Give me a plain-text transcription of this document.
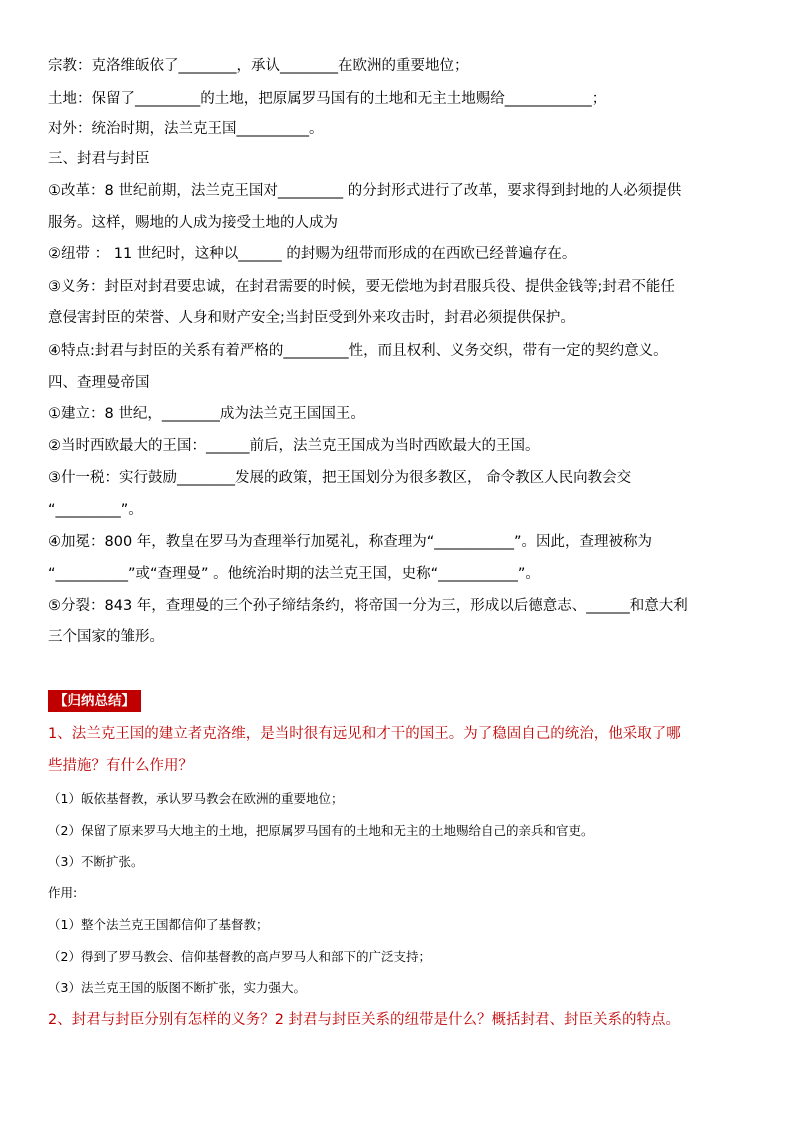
宗教：克洛维皈依了________，承认________在欧洲的重要地位；
土地：保留了_________的土地，把原属罗马国有的土地和无主土地赐给____________；
对外：统治时期，法兰克王国__________。
三、封君与封臣
①改革：8 世纪前期，法兰克王国对_________ 的分封形式进行了改革，要求得到封地的人必须提供
服务。这样，赐地的人成为接受土地的人成为
②纽带 ： 11 世纪时，这种以______ 的封赐为纽带而形成的在西欧已经普遍存在。
③义务：封臣对封君要忠诚，在封君需要的时候，要无偿地为封君服兵役、提供金钱等;封君不能任
意侵害封臣的荣誉、人身和财产安全;当封臣受到外来攻击时，封君必须提供保护。
④特点:封君与封臣的关系有着严格的_________性，而且权利、义务交织，带有一定的契约意义。
四、查理曼帝国
①建立：8 世纪，________成为法兰克王国国王。
②当时西欧最大的王国：______前后，法兰克王国成为当时西欧最大的王国。
③什一税：实行鼓励________发展的政策，把王国划分为很多教区， 命令教区人民向教会交
“_________”。
④加冕：800 年，教皇在罗马为查理举行加冕礼，称查理为“___________”。因此，查理被称为
“__________”或“查理曼” 。他统治时期的法兰克王国，史称“___________”。
⑤分裂：843 年，查理曼的三个孙子缔结条约，将帝国一分为三，形成以后德意志、______和意大利
三个国家的雏形。
【归纳总结】
1、法兰克王国的建立者克洛维，是当时很有远见和才干的国王。为了稳固自己的统治，他采取了哪
些措施？有什么作用？
（1）皈依基督教，承认罗马教会在欧洲的重要地位；
（2）保留了原来罗马大地主的土地，把原属罗马国有的土地和无主的土地赐给自己的亲兵和官吏。
（3）不断扩张。
作用:
（1）整个法兰克王国都信仰了基督教；
（2）得到了罗马教会、信仰基督教的高卢罗马人和部下的广泛支持；
（3）法兰克王国的版图不断扩张，实力强大。
2、封君与封臣分别有怎样的义务？2 封君与封臣关系的纽带是什么？概括封君、封臣关系的特点。
